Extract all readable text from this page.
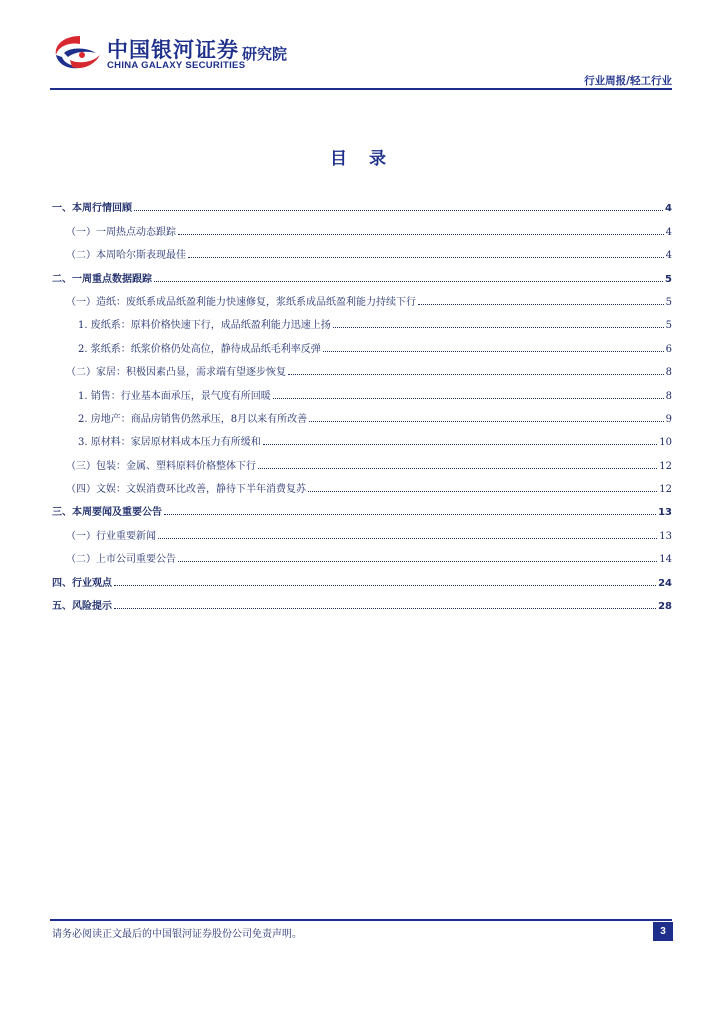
中国银河证券
CHINA GALAXY SECURITIES
研究院
行业周报/轻工行业
目 录
一、本周行情回顾	4
（一）一周热点动态跟踪	4
（二）本周哈尔斯表现最佳	4
二、一周重点数据跟踪	5
（一）造纸：废纸系成品纸盈利能力快速修复，浆纸系成品纸盈利能力持续下行	5
1. 废纸系：原料价格快速下行，成品纸盈利能力迅速上扬	5
2. 浆纸系：纸浆价格仍处高位，静待成品纸毛利率反弹	6
（二）家居：积极因素凸显，需求端有望逐步恢复	8
1. 销售：行业基本面承压，景气度有所回暖	8
2. 房地产：商品房销售仍然承压，8月以来有所改善	9
3. 原材料：家居原材料成本压力有所缓和	10
（三）包装：金属、塑料原料价格整体下行	12
（四）文娱：文娱消费环比改善，静待下半年消费复苏	12
三、本周要闻及重要公告	13
（一）行业重要新闻	13
（二）上市公司重要公告	14
四、行业观点	24
五、风险提示	28
请务必阅读正文最后的中国银河证券股份公司免责声明。	3
